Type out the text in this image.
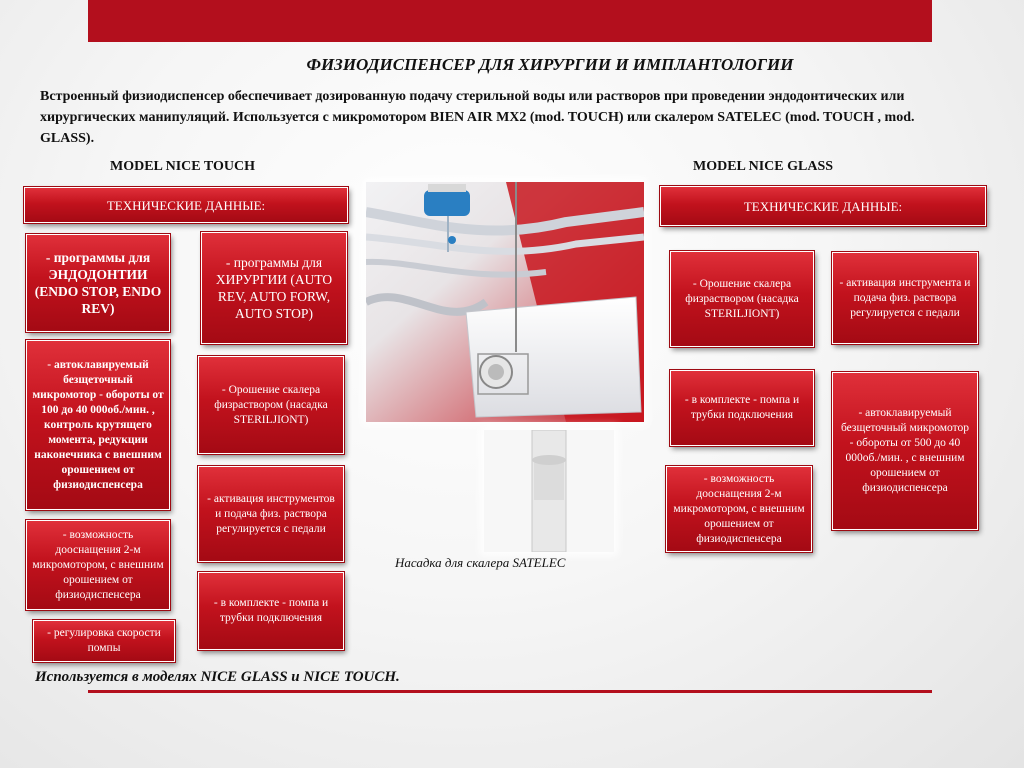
ФИЗИОДИСПЕНСЕР ДЛЯ ХИРУРГИИ И ИМПЛАНТОЛОГИИ
Встроенный физиодиспенсер обеспечивает дозированную подачу стерильной воды или растворов при проведении эндодонтических или хирургических манипуляций. Используется с микромотором BIEN AIR MX2 (mod. TOUCH) или скалером SATELEC (mod. TOUCH , mod. GLASS).
MODEL NICE TOUCH	MODEL NICE GLASS
ТЕХНИЧЕСКИЕ ДАННЫЕ:
- программы для ЭНДОДОНТИИ (ENDO STOP, ENDO REV)
- программы для ХИРУРГИИ (AUTO REV, AUTO FORW, AUTO STOP)
- автоклавируемый безщеточный микромотор - обороты от 100 до 40 000об./мин. , контроль крутящего момента, редукции наконечника с внешним орошением от физиодиспенсера
- Орошение скалера физраствором (насадка STERILJIONT)
- активация инструментов и подача физ. раствора регулируется с педали
- возможность дооснащения 2-м микромотором, с внешним орошением от физиодиспенсера
- в комплекте - помпа и трубки подключения
- регулировка скорости помпы
Насадка для скалера SATELEC
ТЕХНИЧЕСКИЕ ДАННЫЕ:
- Орошение скалера физраствором (насадка STERILJIONT)
- активация инструмента и подача физ. раствора регулируется с педали
- в комплекте - помпа и трубки подключения	- автоклавируемый безщеточный микромотор - обороты от 500 до 40 000об./мин. , с внешним орошением от физиодиспенсера
- возможность дооснащения 2-м микромотором, с внешним орошением от физиодиспенсера
Используется в моделях NICE GLASS и NICE TOUCH.
